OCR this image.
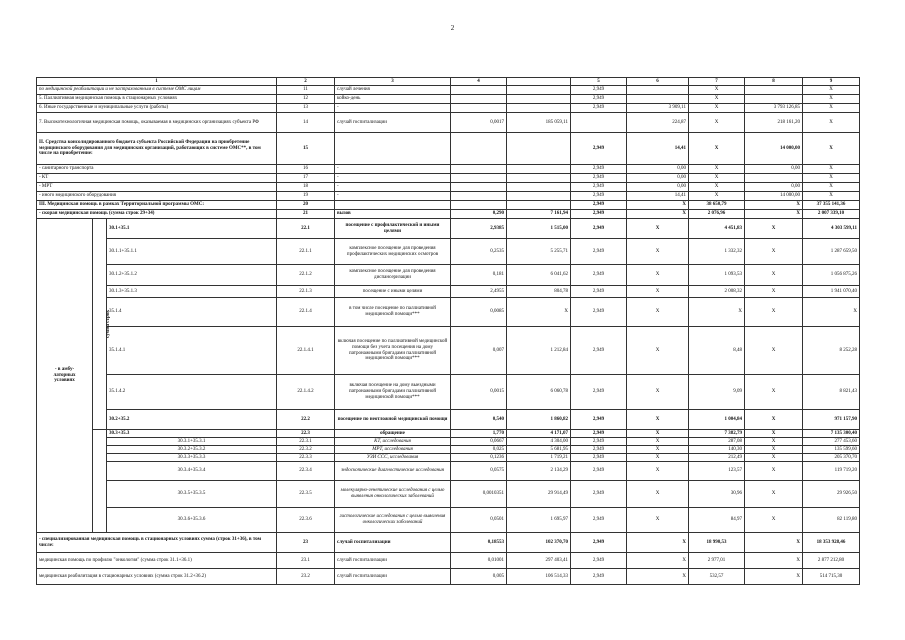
2
1			2	3	4		5	6	7	8	9	
по медицинской реабилитации и не застрахованным в системе ОМС лицам			11	случай лечения			2,949		X		X	
5. Паллиативная медицинская помощь в стационарных условиях			12	койко-день			2,949		X		X	
6. Иные государственные и муниципальные услуги (работы)			13	-			2,949	3 909,11	X	3 793 126,85	X	
7. Высокотехнологичная медицинская помощь, оказываемая в медицинских организациях субъекта РФ			14	случай госпитализации	0,0017	185 059,11		224,87	X	218 161,20	X	
II. Средства консолидированного бюджета субъекта Российской Федерации на приобретение медицинского оборудования для медицинских организаций, работающих в системе ОМС**, в том числе на приобретение:			15				2,949	14,41	X	14 000,00	X	
- санитарного транспорта			16	-			2,949	0,00	X	0,00	X	
- КТ			17	-			2,949	0,00	X		X	
- МРТ			18	-			2,949	0,00	X	0,00	X	
- иного медицинского оборудования			19	-			2,949	14,41	X	14 000,00	X	
III. Медицинская помощь в рамках Территориальной программы ОМС:			20				2,949	X	38 650,79	X	37 355 141,36	
- скорая медицинская помощь (сумма строк 29+34)			21	вызов	0,290	7 161,94	2,949	X	2 076,96	X	2 007 339,10	
- в амбу-
латорных
условиях	сумма строк	30.1+35.1	22.1	посещение с профилактической и иными целями	2,9385	1 515,00	2,949	X	4 451,83	X	4 303 599,11	
		30.1.1+35.1.1	22.1.1	комплексное посещение для проведения профилактических медицинских осмотров	0,2535	5 255,71	2,949	X	1 332,32	X	1 287 659,50	
		30.1.2+35.1.2	22.1.2	комплексное посещение для проведения диспансеризации	0,181	6 041,62	2,949	X	1 093,53	X	1 056 875,26	
		30.1.3+35.1.3	22.1.3	посещение с иными целями	2,4955	804,78	2,949	X	2 008,32	X	1 941 070,40	
		35.1.4	22.1.4	в том числе посещение по паллиативной медицинской помощи***	0,0085	X	2,949	X	X	X	X	
		35.1.4.1	22.1.4.1	включая посещение по паллиативной медицинской помощи без учета посещения на дому патронажными бригадами паллиативной медицинской помощи***	0,007	1 212,84	2,949	X	8,48	X	8 252,28	
		35.1.4.2	22.1.4.2	включая посещение на дому выездными патронажными бригадами паллиативной медицинской помощи***	0,0015	6 060,78	2,949	X	9,09	X	8 821,43	
		30.2+35.2	22.2	посещение по неотложной медицинской помощи	0,540	1 860,82	2,949	X	1 004,84	X	971 157,90	
		30.3+35.3	22.3	обращение	1,770	4 171,07	2,949	X	7 382,79	X	7 135 300,40	
		30.3.1+35.3.1	22.3.1	КТ, исследования	0,0667	4 304,00	2,949	X	287,08	X	277 453,60	
		30.3.2+35.3.2	22.3.2	МРТ, исследования	0,025	5 681,95	2,949	X	140,30	X	135 599,60	
		30.3.3+35.3.3	22.3.3	УЗИ ССС, исследования	0,1236	1 719,21	2,949	X	212,49	X	205 370,70	
		30.3.4+35.3.4	22.3.4	эндоскопические диагностические исследования	0,0575	2 134,29	2,949	X	123,57	X	119 719,20	
		30.3.5+35.3.5	22.3.5	молекулярно-генетические исследования с целью выявления онкологических заболеваний	0,0010351	29 914,49	2,949	X	30,96	X	29 926,50	
		30.3.6+35.3.6	22.3.6	гистологические исследования с целью выявления онкологических заболеваний	0,0501	1 695,97	2,949	X	84,97	X	82 119,80	
- специализированная медицинская помощь в стационарных условиях сумма (строк 31+36), в том числе:			23	случай госпитализации	0,18553	102 370,70	2,949	X	18 990,53	X	18 353 928,46	
медицинская помощь по профилю "онкология" (сумма строк 31.1+36.1)			23.1	случай госпитализации	0,01001	297 403,41	2,949	X	2 977,01	X	2 877 212,80	
медицинская реабилитация в стационарных условиях (сумма строк 31.2+36.2)			23.2	случай госпитализации	0,005	106 514,33	2,949	X	532,57	X	514 715,30	
